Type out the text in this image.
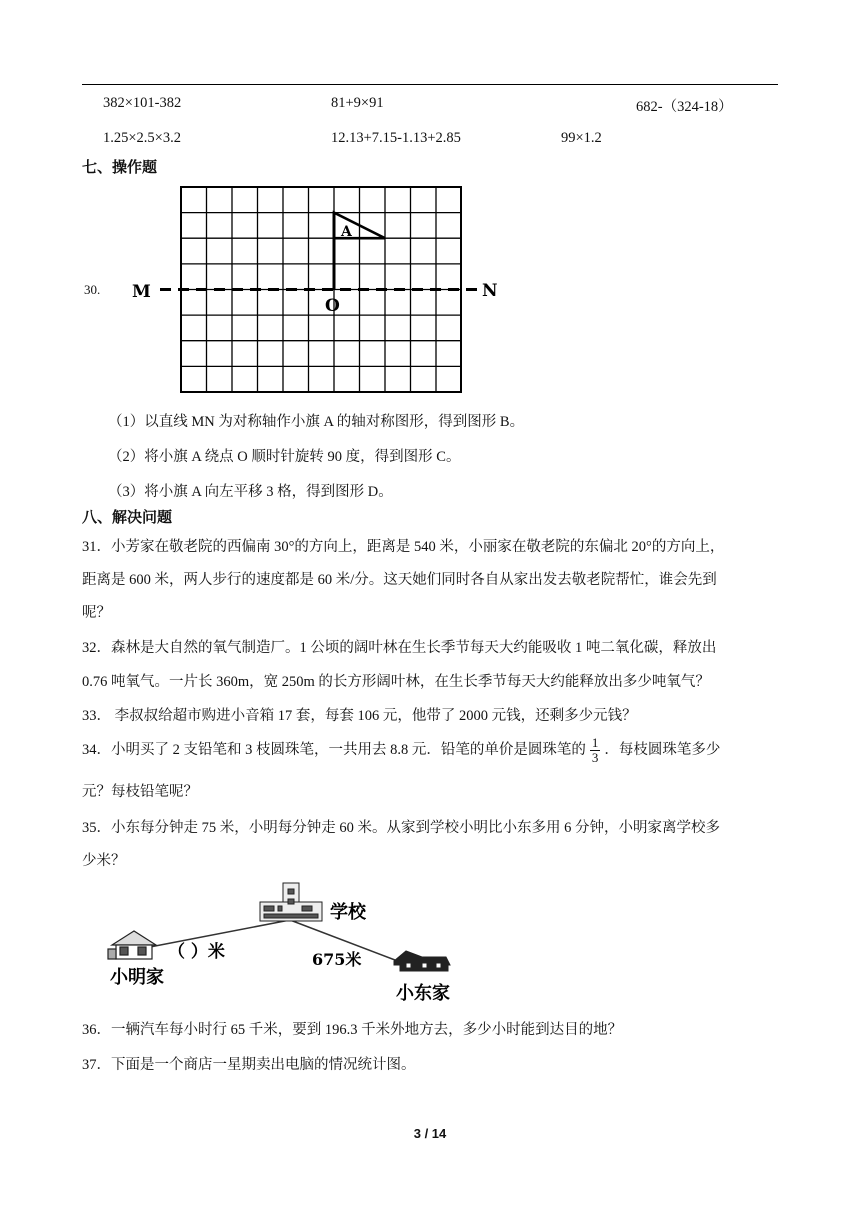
382×101-382	81+9×91	682-（324-18）
1.25×2.5×3.2	12.13+7.15-1.13+2.85	99×1.2
七、操作题
30. M	N
O
A
（1）以直线 MN 为对称轴作小旗 A 的轴对称图形，得到图形 B。
（2）将小旗 A 绕点 O 顺时针旋转 90 度，得到图形 C。
（3）将小旗 A 向左平移 3 格，得到图形 D。
八、解决问题
31．小芳家在敬老院的西偏南 30°的方向上，距离是 540 米，小丽家在敬老院的东偏北 20°的方向上，
距离是 600 米，两人步行的速度都是 60 米/分。这天她们同时各自从家出发去敬老院帮忙，谁会先到
呢？
32．森林是大自然的氧气制造厂。1 公顷的阔叶林在生长季节每天大约能吸收 1 吨二氧化碳，释放出
0.76 吨氧气。一片长 360m，宽 250m 的长方形阔叶林，在生长季节每天大约能释放出多少吨氧气？
33． 李叔叔给超市购进小音箱 17 套，每套 106 元，他带了 2000 元钱，还剩多少元钱？
34．小明买了 2 支铅笔和 3 枝圆珠笔，一共用去 8.8 元．铅笔的单价是圆珠笔的 $\frac{1}{3}$ ．每枝圆珠笔多少
元？每枝铅笔呢？
35．小东每分钟走 75 米，小明每分钟走 60 米。从家到学校小明比小东多用 6 分钟，小明家离学校多
少米？
学校
（ ）米
小明家
675米
小东家
36．一辆汽车每小时行 65 千米，要到 196.3 千米外地方去，多少小时能到达目的地？
37．下面是一个商店一星期卖出电脑的情况统计图。
3 / 14
